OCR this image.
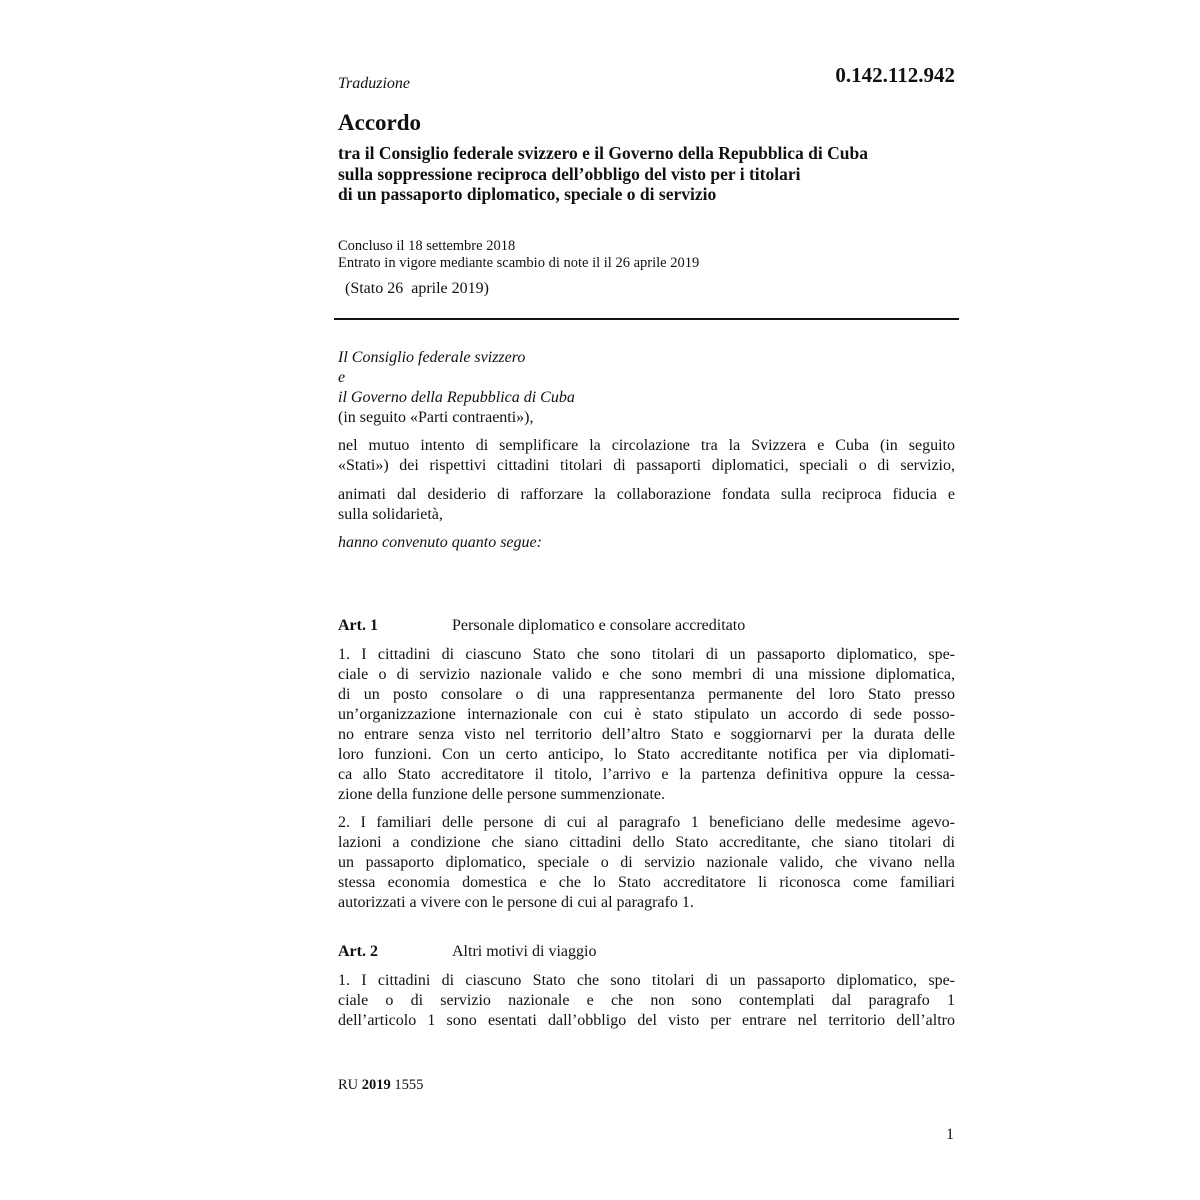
Traduzione	0.142.112.942
Accordo
tra il Consiglio federale svizzero e il Governo della Repubblica di Cuba
sulla soppressione reciproca dell’obbligo del visto per i titolari
di un passaporto diplomatico, speciale o di servizio
Concluso il 18 settembre 2018
Entrato in vigore mediante scambio di note il il 26 aprile 2019
(Stato 26  aprile 2019)
Il Consiglio federale svizzero
e
il Governo della Repubblica di Cuba
(in seguito «Parti contraenti»),
nel mutuo intento di semplificare la circolazione tra la Svizzera e Cuba (in seguito
«Stati») dei rispettivi cittadini titolari di passaporti diplomatici, speciali o di servizio,
animati dal desiderio di rafforzare la collaborazione fondata sulla reciproca fiducia e
sulla solidarietà,
hanno convenuto quanto segue:
Art. 1	Personale diplomatico e consolare accreditato
1. I cittadini di ciascuno Stato che sono titolari di un passaporto diplomatico, spe-
ciale o di servizio nazionale valido e che sono membri di una missione diplomatica,
di un posto consolare o di una rappresentanza permanente del loro Stato presso
un’organizzazione internazionale con cui è stato stipulato un accordo di sede posso-
no entrare senza visto nel territorio dell’altro Stato e soggiornarvi per la durata delle
loro funzioni. Con un certo anticipo, lo Stato accreditante notifica per via diplomati-
ca allo Stato accreditatore il titolo, l’arrivo e la partenza definitiva oppure la cessa-
zione della funzione delle persone summenzionate.
2. I familiari delle persone di cui al paragrafo 1 beneficiano delle medesime agevo-
lazioni a condizione che siano cittadini dello Stato accreditante, che siano titolari di
un passaporto diplomatico, speciale o di servizio nazionale valido, che vivano nella
stessa economia domestica e che lo Stato accreditatore li riconosca come familiari
autorizzati a vivere con le persone di cui al paragrafo 1.
Art. 2	Altri motivi di viaggio
1. I cittadini di ciascuno Stato che sono titolari di un passaporto diplomatico, spe-
ciale o di servizio nazionale e che non sono contemplati dal paragrafo 1
dell’articolo 1 sono esentati dall’obbligo del visto per entrare nel territorio dell’altro
RU 2019 1555
1
